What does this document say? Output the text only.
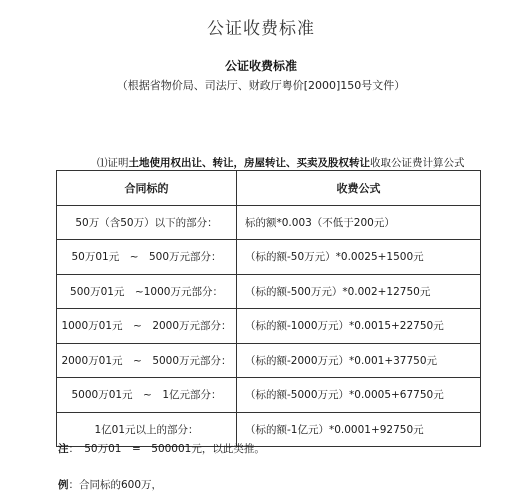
公证收费标准
公证收费标准
（根据省物价局、司法厅、财政厅粤价[2000]150号文件）
⑴证明土地使用权出让、转让，房屋转让、买卖及股权转让收取公证费计算公式
合同标的	收费公式
50万（含50万）以下的部分：	标的额*0.003（不低于200元）
50万01元　~　500万元部分：	（标的额-50万元）*0.0025+1500元
500万01元　~1000万元部分：	（标的额-500万元）*0.002+12750元
1000万01元　~　2000万元部分：	（标的额-1000万元）*0.0015+22750元
2000万01元　~　5000万元部分：	（标的额-2000万元）*0.001+37750元
5000万01元　~　1亿元部分：	（标的额-5000万元）*0.0005+67750元
1亿01元以上的部分：	（标的额-1亿元）*0.0001+92750元
注：　50万01　=　500001元，以此类推。
例：合同标的600万，
